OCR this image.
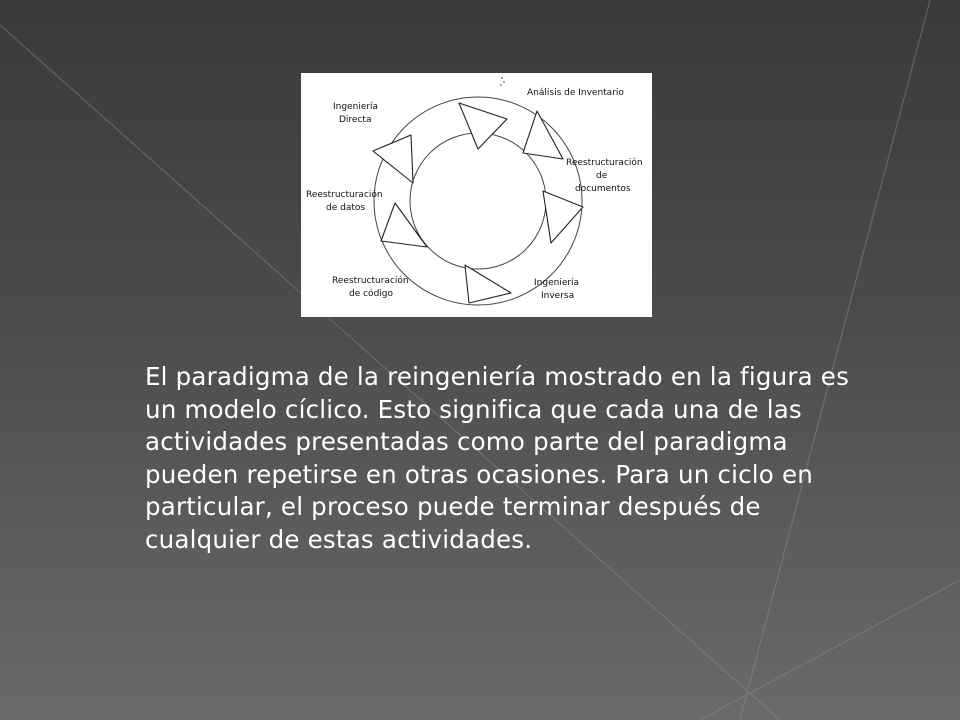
Análisis de Inventario
Reestructuración
de
documentos
Ingeniería
Inversa
Reestructuración
de código
Reestructuración
de datos
Ingeniería
Directa
El paradigma de la reingeniería mostrado en la figura es un modelo cíclico. Esto significa que cada una de las actividades presentadas como parte del paradigma pueden repetirse en otras ocasiones. Para un ciclo en particular, el proceso puede terminar después de cualquier de estas actividades.
